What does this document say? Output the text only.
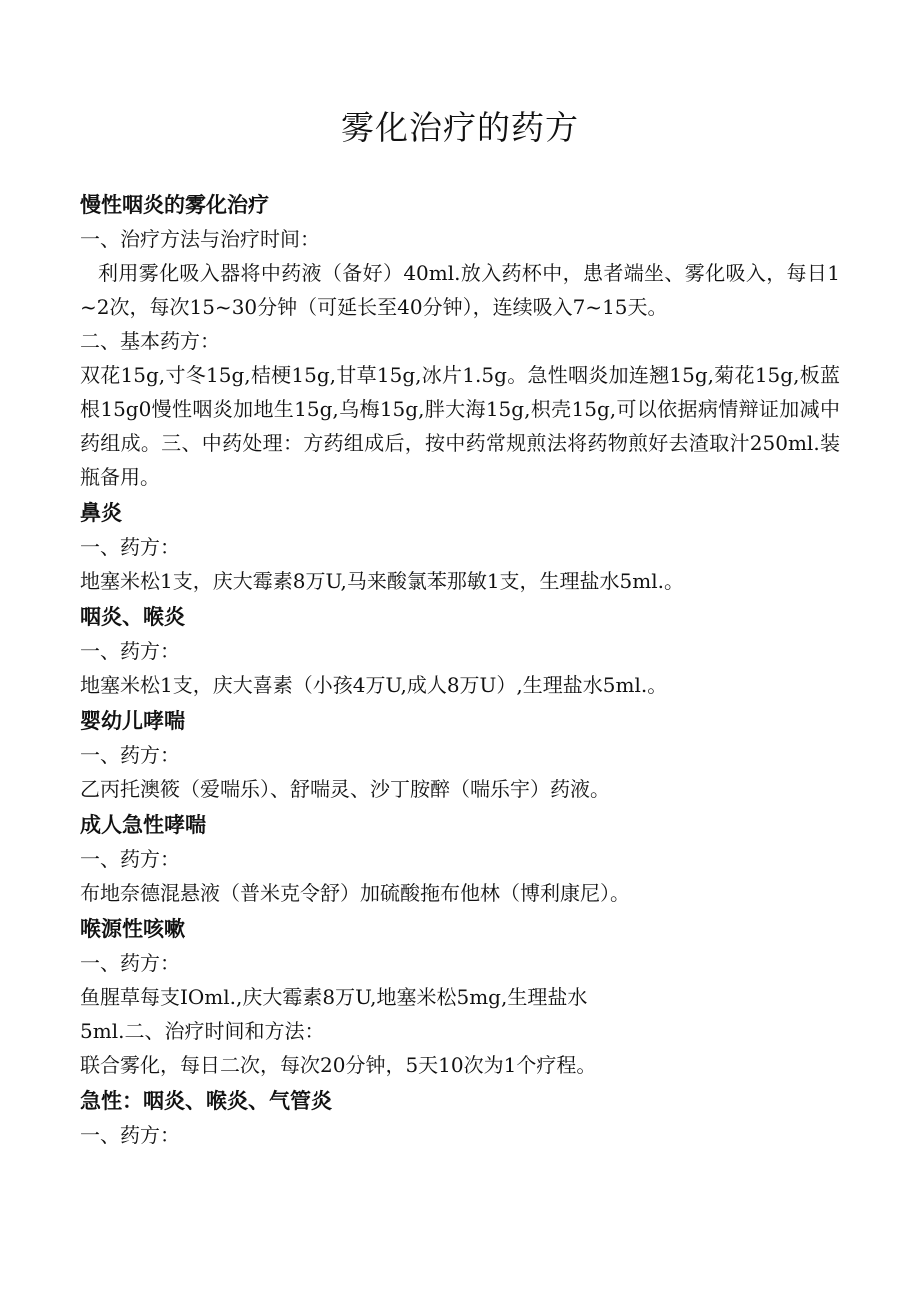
雾化治疗的药方
慢性咽炎的雾化治疗
一、治疗方法与治疗时间：
利用雾化吸入器将中药液（备好）40ml.放入药杯中，患者端坐、雾化吸入，每日1~2次，每次15~30分钟（可延长至40分钟），连续吸入7~15天。
二、基本药方：
双花15g,寸冬15g,桔梗15g,甘草15g,冰片1.5g。急性咽炎加连翘15g,菊花15g,板蓝根15g0慢性咽炎加地生15g,乌梅15g,胖大海15g,枳壳15g,可以依据病情辩证加减中药组成。三、中药处理：方药组成后，按中药常规煎法将药物煎好去渣取汁250ml.装瓶备用。
鼻炎
一、药方：
地塞米松1支，庆大霉素8万U,马来酸氯苯那敏1支，生理盐水5ml.。
咽炎、喉炎
一、药方：
地塞米松1支，庆大喜素（小孩4万U,成人8万U）,生理盐水5ml.。
婴幼儿哮喘
一、药方：
乙丙托澳筱（爱喘乐）、舒喘灵、沙丁胺醉（喘乐宇）药液。
成人急性哮喘
一、药方：
布地奈德混悬液（普米克令舒）加硫酸拖布他林（博利康尼）。
喉源性咳嗽
一、药方：
鱼腥草每支IOml.,庆大霉素8万U,地塞米松5mg,生理盐水
5ml.二、治疗时间和方法：
联合雾化，每日二次，每次20分钟，5天10次为1个疗程。
急性：咽炎、喉炎、气管炎
一、药方：
